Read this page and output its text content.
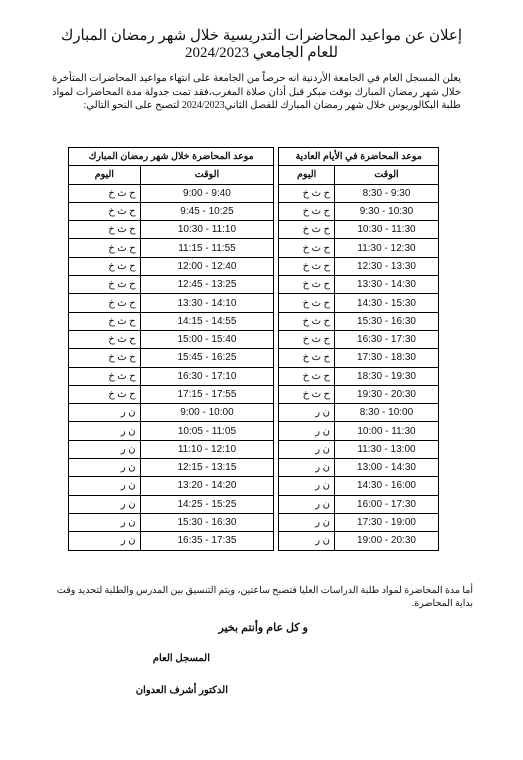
إعلان عن مواعيد المحاضرات التدريسية خلال شهر رمضان المبارك
للعام الجامعي 2024/2023
يعلن المسجل العام في الجامعة الأردنية انه حرصاً من الجامعة على انتهاء مواعيد المحاضرات المتأخرة خلال شهر رمضان المبارك بوقت مبكر قبل أذان صلاة المغرب،فقد تمت جدولة مدة المحاضرات لمواد طلبة البكالوريوس خلال شهر رمضان المبارك للفصل الثاني2024/2023 لتصبح على النحو التالي:
موعد المحاضرة في الأيام العادية			موعد المحاضرة خلال شهر رمضان المبارك	
الوقت	اليوم		الوقت	اليوم
8:30 - 9:30	ح ث خ		9:00 - 9:40	ح ث خ
9:30 - 10:30	ح ث خ		9:45 - 10:25	ح ث خ
10:30 - 11:30	ح ث خ		10:30 - 11:10	ح ث خ
11:30 - 12:30	ح ث خ		11:15 - 11:55	ح ث خ
12:30 - 13:30	ح ث خ		12:00 - 12:40	ح ث خ
13:30 - 14:30	ح ث خ		12:45 - 13:25	ح ث خ
14:30 - 15:30	ح ث خ		13:30 - 14:10	ح ث خ
15:30 - 16:30	ح ث خ		14:15 - 14:55	ح ث خ
16:30 - 17:30	ح ث خ		15:00 - 15:40	ح ث خ
17:30 - 18:30	ح ث خ		15:45 - 16:25	ح ث خ
18:30 - 19:30	ح ث خ		16:30 - 17:10	ح ث خ
19:30 - 20:30	ح ث خ		17:15 - 17:55	ح ث خ
8:30 - 10:00	ن ر		9:00 - 10:00	ن ر
10:00 - 11:30	ن ر		10:05 - 11:05	ن ر
11:30 - 13:00	ن ر		11:10 - 12:10	ن ر
13:00 - 14:30	ن ر		12:15 - 13:15	ن ر
14:30 - 16:00	ن ر		13:20 - 14:20	ن ر
16:00 - 17:30	ن ر		14:25 - 15:25	ن ر
17:30 - 19:00	ن ر		15:30 - 16:30	ن ر
19:00 - 20:30	ن ر		16:35 - 17:35	ن ر
أما مدة المحاضرة لمواد طلبة الدراسات العليا فتصبح ساعتين، ويتم التنسيق بين المدرس والطلبة لتحديد وقت بداية المحاضرة.
و كل عام وأنتم بخير
المسجل العام
الدكتور أشرف العدوان
